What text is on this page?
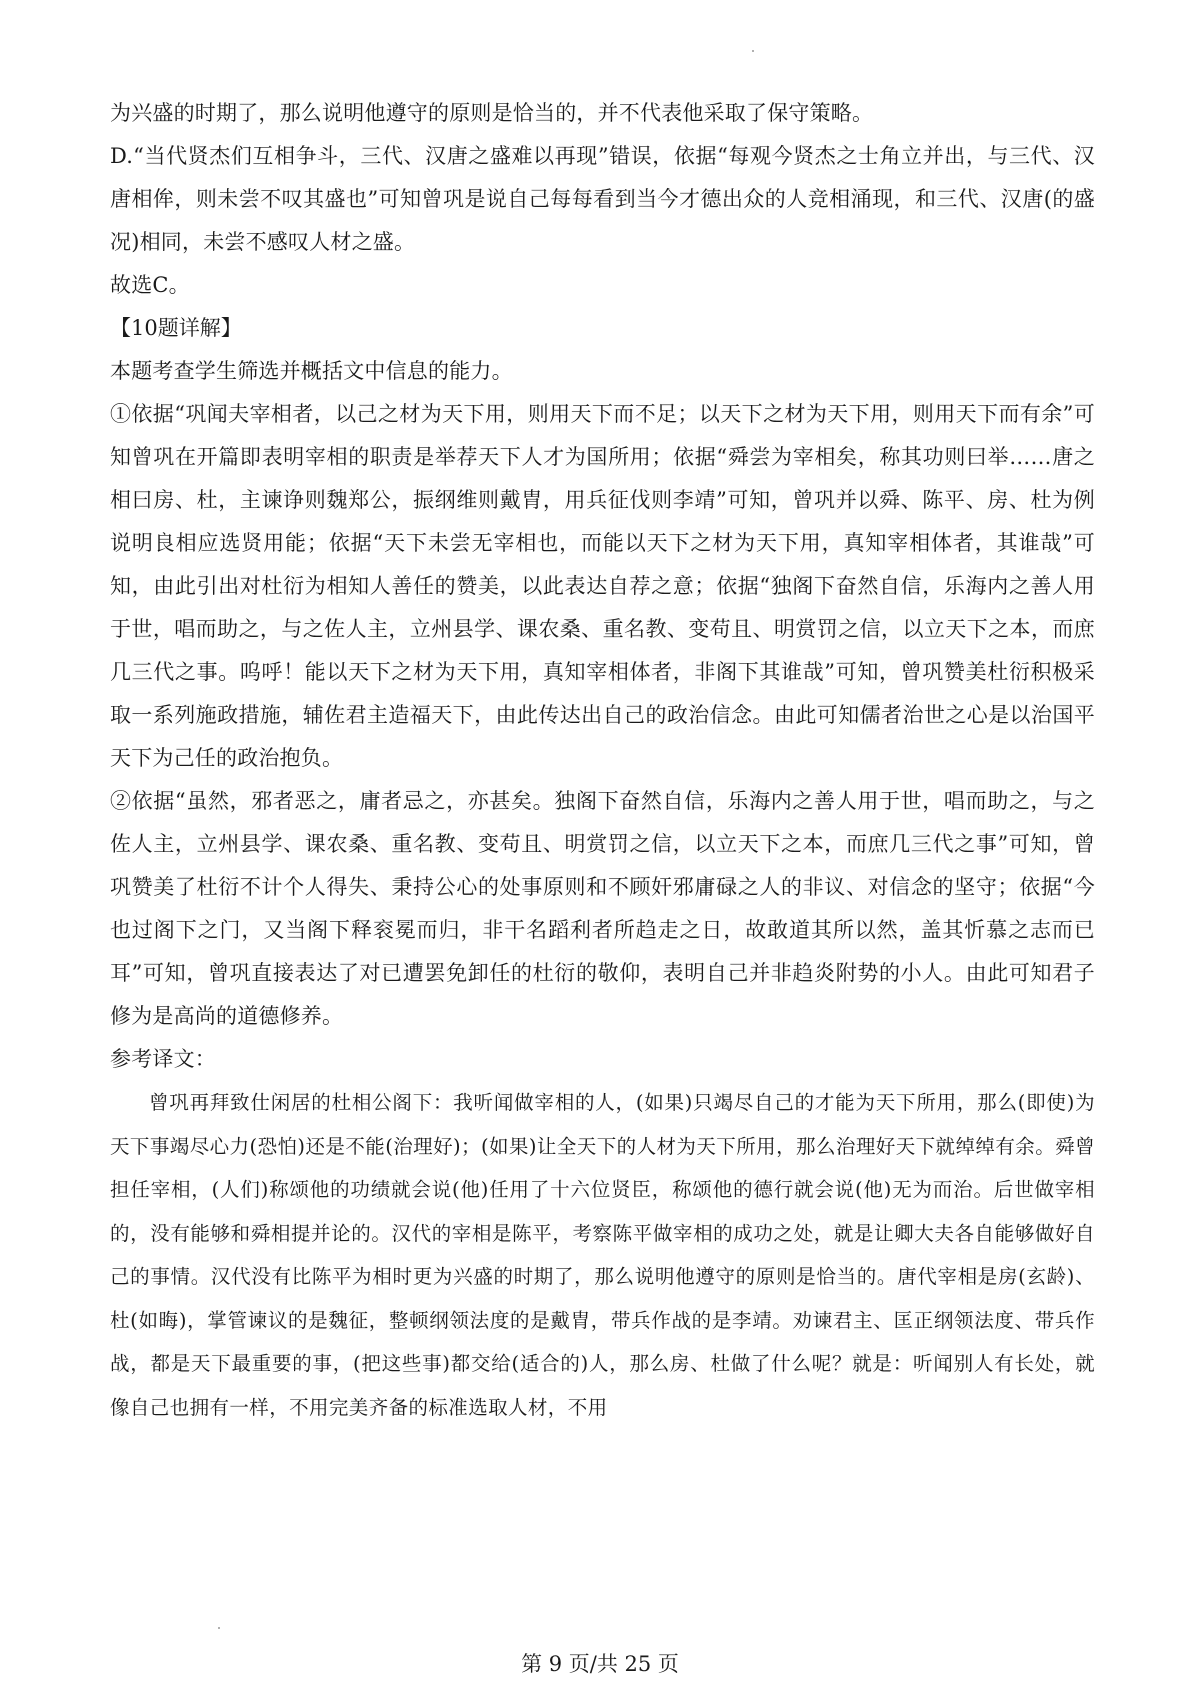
为兴盛的时期了，那么说明他遵守的原则是恰当的，并不代表他采取了保守策略。

D.“当代贤杰们互相争斗，三代、汉唐之盛难以再现”错误，依据“每观今贤杰之士角立并出，与三代、汉唐相侔，则未尝不叹其盛也”可知曾巩是说自己每每看到当今才德出众的人竞相涌现，和三代、汉唐(的盛况)相同，未尝不感叹人材之盛。

故选C。

【10题详解】

本题考查学生筛选并概括文中信息的能力。

①依据“巩闻夫宰相者，以己之材为天下用，则用天下而不足；以天下之材为天下用，则用天下而有余”可知曾巩在开篇即表明宰相的职责是举荐天下人才为国所用；依据“舜尝为宰相矣，称其功则曰举……唐之相曰房、杜，主谏诤则魏郑公，振纲维则戴胄，用兵征伐则李靖”可知，曾巩并以舜、陈平、房、杜为例说明良相应选贤用能；依据“天下未尝无宰相也，而能以天下之材为天下用，真知宰相体者，其谁哉”可知，由此引出对杜衍为相知人善任的赞美，以此表达自荐之意；依据“独阁下奋然自信，乐海内之善人用于世，唱而助之，与之佐人主，立州县学、课农桑、重名教、变苟且、明赏罚之信，以立天下之本，而庶几三代之事。呜呼！能以天下之材为天下用，真知宰相体者，非阁下其谁哉”可知，曾巩赞美杜衍积极采取一系列施政措施，辅佐君主造福天下，由此传达出自己的政治信念。由此可知儒者治世之心是以治国平天下为己任的政治抱负。

②依据“虽然，邪者恶之，庸者忌之，亦甚矣。独阁下奋然自信，乐海内之善人用于世，唱而助之，与之佐人主，立州县学、课农桑、重名教、变苟且、明赏罚之信，以立天下之本，而庶几三代之事”可知，曾巩赞美了杜衍不计个人得失、秉持公心的处事原则和不顾奸邪庸碌之人的非议、对信念的坚守；依据“今也过阁下之门，又当阁下释衮冕而归，非干名蹈利者所趋走之日，故敢道其所以然，盖其忻慕之志而已耳”可知，曾巩直接表达了对已遭罢免卸任的杜衍的敬仰，表明自己并非趋炎附势的小人。由此可知君子修为是高尚的道德修养。

参考译文：

曾巩再拜致仕闲居的杜相公阁下：我听闻做宰相的人，(如果)只竭尽自己的才能为天下所用，那么(即使)为天下事竭尽心力(恐怕)还是不能(治理好)；(如果)让全天下的人材为天下所用，那么治理好天下就绰绰有余。舜曾担任宰相，(人们)称颂他的功绩就会说(他)任用了十六位贤臣，称颂他的德行就会说(他)无为而治。后世做宰相的，没有能够和舜相提并论的。汉代的宰相是陈平，考察陈平做宰相的成功之处，就是让卿大夫各自能够做好自己的事情。汉代没有比陈平为相时更为兴盛的时期了，那么说明他遵守的原则是恰当的。唐代宰相是房(玄龄)、杜(如晦)，掌管谏议的是魏征，整顿纲领法度的是戴胄，带兵作战的是李靖。劝谏君主、匡正纲领法度、带兵作战，都是天下最重要的事，(把这些事)都交给(适合的)人，那么房、杜做了什么呢？就是：听闻别人有长处，就像自己也拥有一样，不用完美齐备的标准选取人材，不用

第 9 页/共 25 页
